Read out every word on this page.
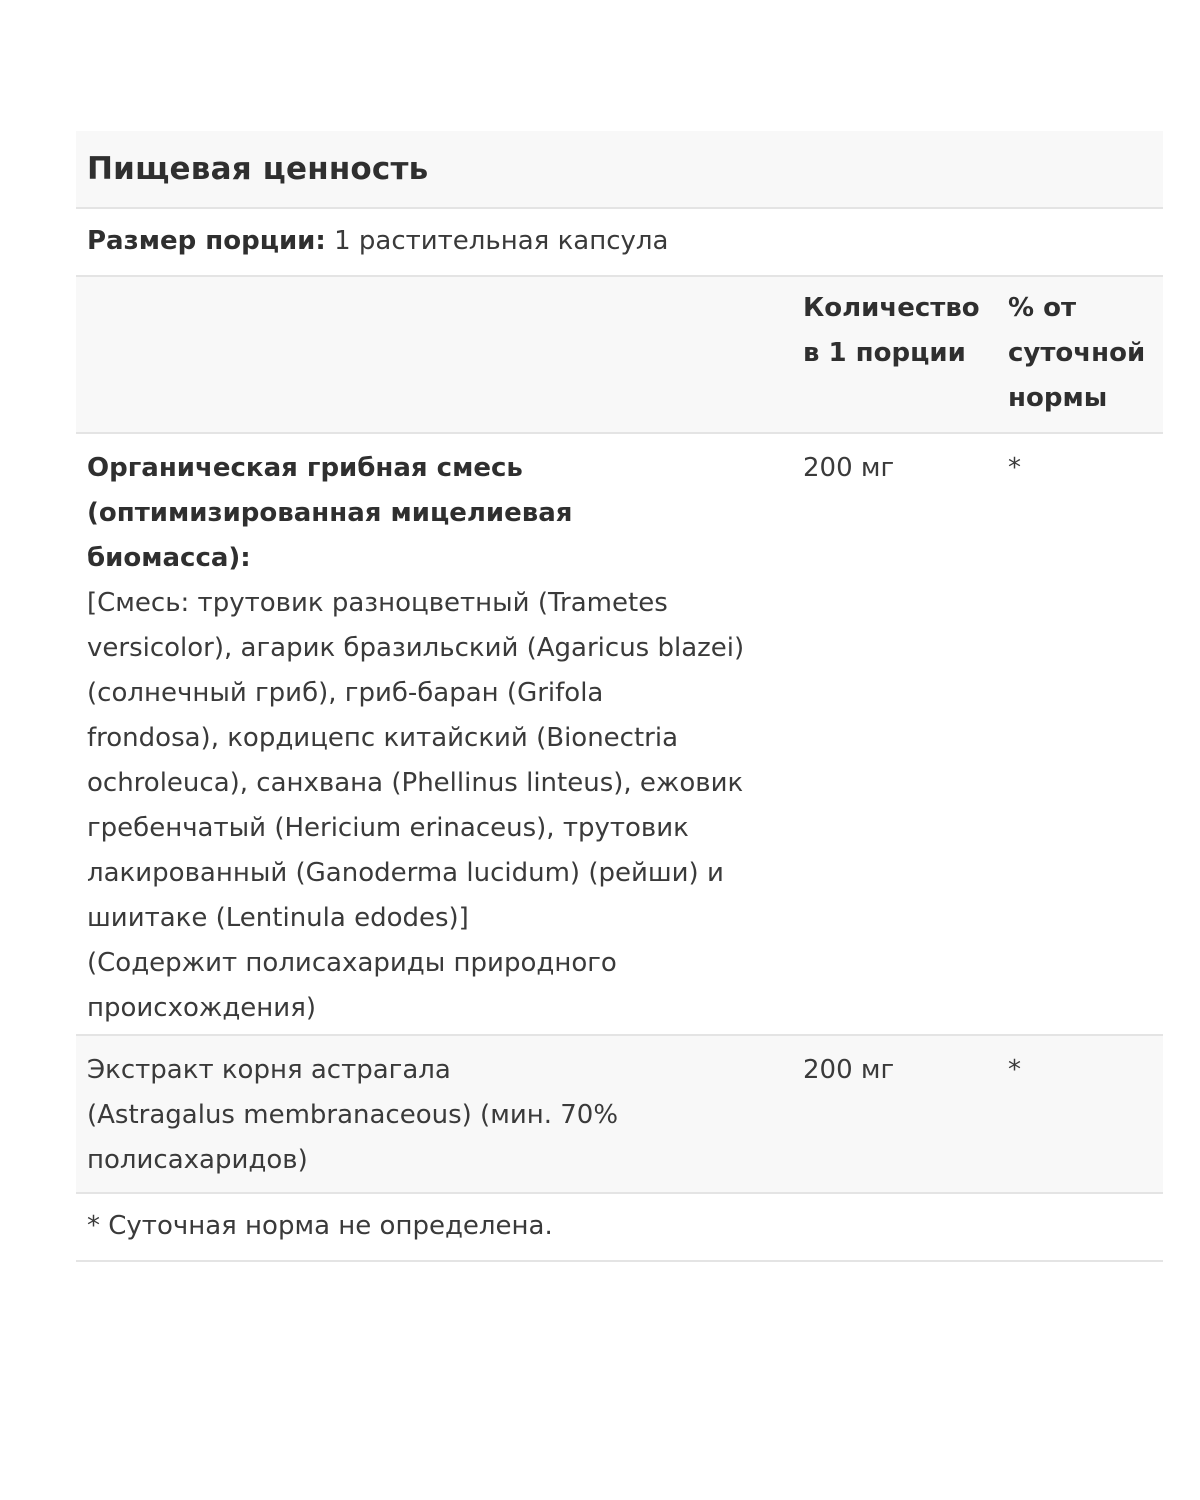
Пищевая ценность
Размер порции: 1 растительная капсула
Количество
в 1 порции
% от
суточной
нормы
Органическая грибная смесь
(оптимизированная мицелиевая
биомасса):
[Смесь: трутовик разноцветный (Trametes
versicolor), агарик бразильский (Agaricus blazei)
(солнечный гриб), гриб-баран (Grifola
frondosa), кордицепс китайский (Bionectria
ochroleuca), санхвана (Phellinus linteus), ежовик
гребенчатый (Hericium erinaceus), трутовик
лакированный (Ganoderma lucidum) (рейши) и
шиитаке (Lentinula edodes)]
(Содержит полисахариды природного
происхождения)
200 мг	*
Экстракт корня астрагала
(Astragalus membranaceous) (мин. 70%
полисахаридов)
200 мг	*
* Суточная норма не определена.
